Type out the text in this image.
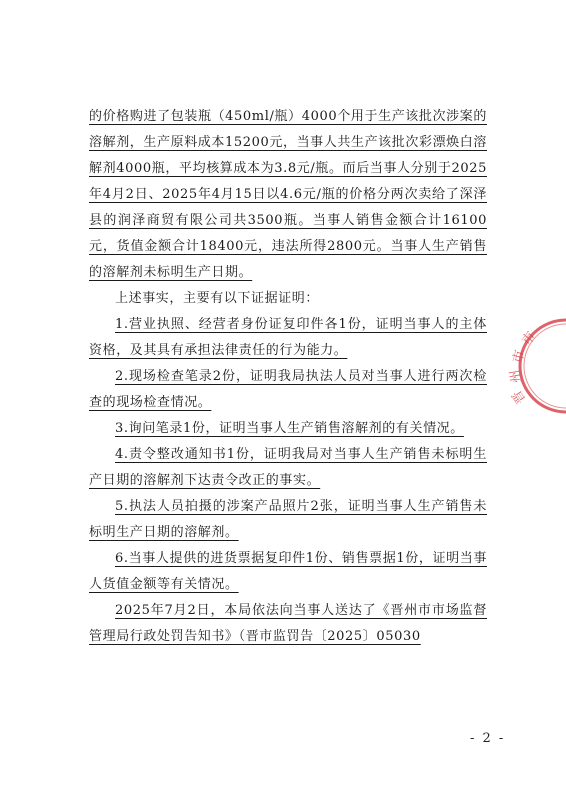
的价格购进了包装瓶（450ml/瓶）4000个用于生产该批次涉案的溶解剂，生产原料成本15200元，当事人共生产该批次彩漂焕白溶解剂4000瓶，平均核算成本为3.8元/瓶。而后当事人分别于2025年4月2日、2025年4月15日以4.6元/瓶的价格分两次卖给了深泽县的润泽商贸有限公司共3500瓶。当事人销售金额合计16100元，货值金额合计18400元，违法所得2800元。当事人生产销售的溶解剂未标明生产日期。

上述事实，主要有以下证据证明：

1.营业执照、经营者身份证复印件各1份，证明当事人的主体资格，及其具有承担法律责任的行为能力。

2.现场检查笔录2份，证明我局执法人员对当事人进行两次检查的现场检查情况。

3.询问笔录1份，证明当事人生产销售溶解剂的有关情况。

4.责令整改通知书1份，证明我局对当事人生产销售未标明生产日期的溶解剂下达责令改正的事实。

5.执法人员拍摄的涉案产品照片2张，证明当事人生产销售未标明生产日期的溶解剂。

6.当事人提供的进货票据复印件1份、销售票据1份，证明当事人货值金额等有关情况。

2025年7月2日，本局依法向当事人送达了《晋州市市场监督管理局行政处罚告知书》（晋市监罚告〔2025〕05030

市
市
州
晋
- 2 -
